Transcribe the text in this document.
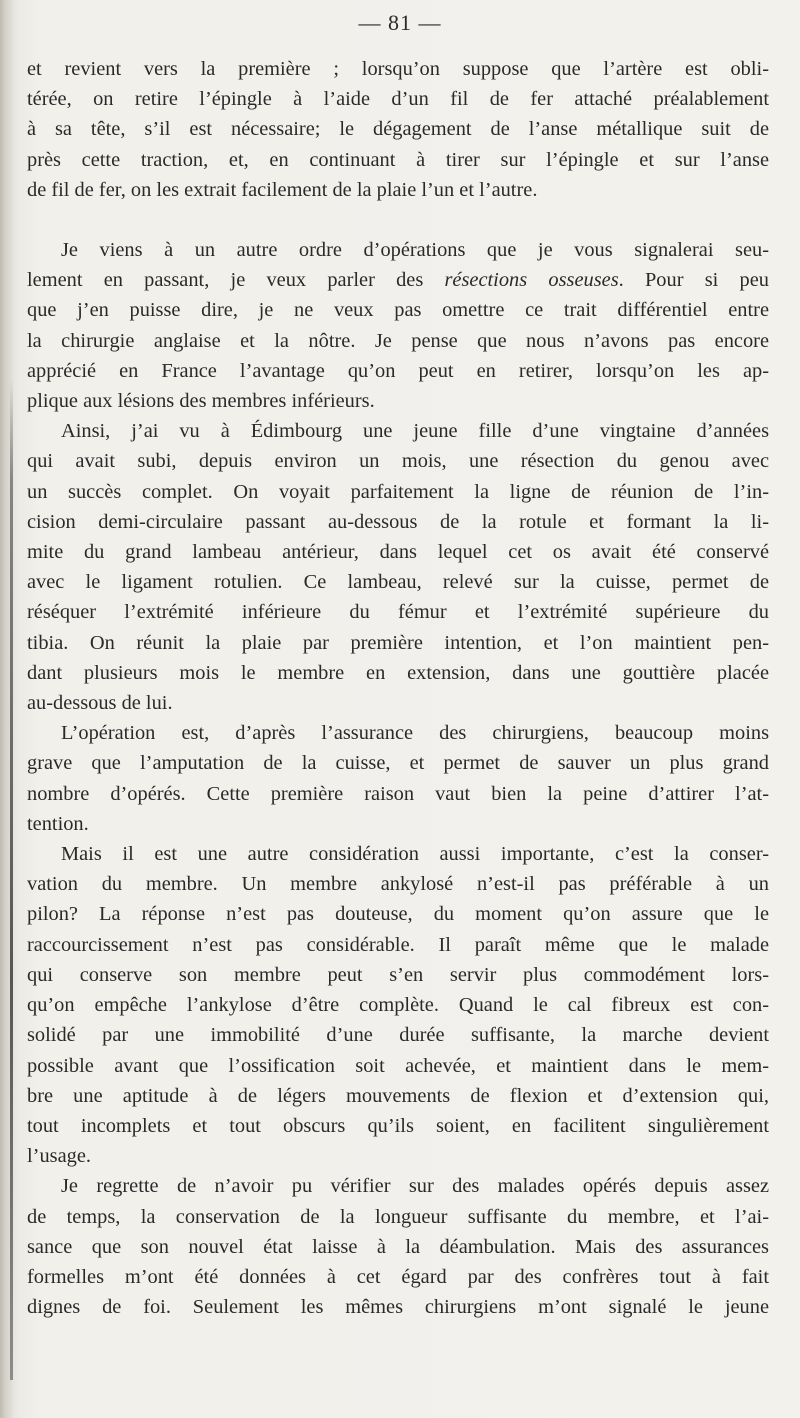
— 81 —
et revient vers la première ; lorsqu’on suppose que l’artère est obli-
térée, on retire l’épingle à l’aide d’un fil de fer attaché préalablement
à sa tête, s’il est nécessaire; le dégagement de l’anse métallique suit de
près cette traction, et, en continuant à tirer sur l’épingle et sur l’anse
de fil de fer, on les extrait facilement de la plaie l’un et l’autre.
Je viens à un autre ordre d’opérations que je vous signalerai seu-
lement en passant, je veux parler des résections osseuses. Pour si peu
que j’en puisse dire, je ne veux pas omettre ce trait différentiel entre
la chirurgie anglaise et la nôtre. Je pense que nous n’avons pas encore
apprécié en France l’avantage qu’on peut en retirer, lorsqu’on les ap-
plique aux lésions des membres inférieurs.
Ainsi, j’ai vu à Édimbourg une jeune fille d’une vingtaine d’années
qui avait subi, depuis environ un mois, une résection du genou avec
un succès complet. On voyait parfaitement la ligne de réunion de l’in-
cision demi-circulaire passant au-dessous de la rotule et formant la li-
mite du grand lambeau antérieur, dans lequel cet os avait été conservé
avec le ligament rotulien. Ce lambeau, relevé sur la cuisse, permet de
réséquer l’extrémité inférieure du fémur et l’extrémité supérieure du
tibia. On réunit la plaie par première intention, et l’on maintient pen-
dant plusieurs mois le membre en extension, dans une gouttière placée
au-dessous de lui.
L’opération est, d’après l’assurance des chirurgiens, beaucoup moins
grave que l’amputation de la cuisse, et permet de sauver un plus grand
nombre d’opérés. Cette première raison vaut bien la peine d’attirer l’at-
tention.
Mais il est une autre considération aussi importante, c’est la conser-
vation du membre. Un membre ankylosé n’est-il pas préférable à un
pilon? La réponse n’est pas douteuse, du moment qu’on assure que le
raccourcissement n’est pas considérable. Il paraît même que le malade
qui conserve son membre peut s’en servir plus commodément lors-
qu’on empêche l’ankylose d’être complète. Quand le cal fibreux est con-
solidé par une immobilité d’une durée suffisante, la marche devient
possible avant que l’ossification soit achevée, et maintient dans le mem-
bre une aptitude à de légers mouvements de flexion et d’extension qui,
tout incomplets et tout obscurs qu’ils soient, en facilitent singulièrement
l’usage.
Je regrette de n’avoir pu vérifier sur des malades opérés depuis assez
de temps, la conservation de la longueur suffisante du membre, et l’ai-
sance que son nouvel état laisse à la déambulation. Mais des assurances
formelles m’ont été données à cet égard par des confrères tout à fait
dignes de foi. Seulement les mêmes chirurgiens m’ont signalé le jeune
